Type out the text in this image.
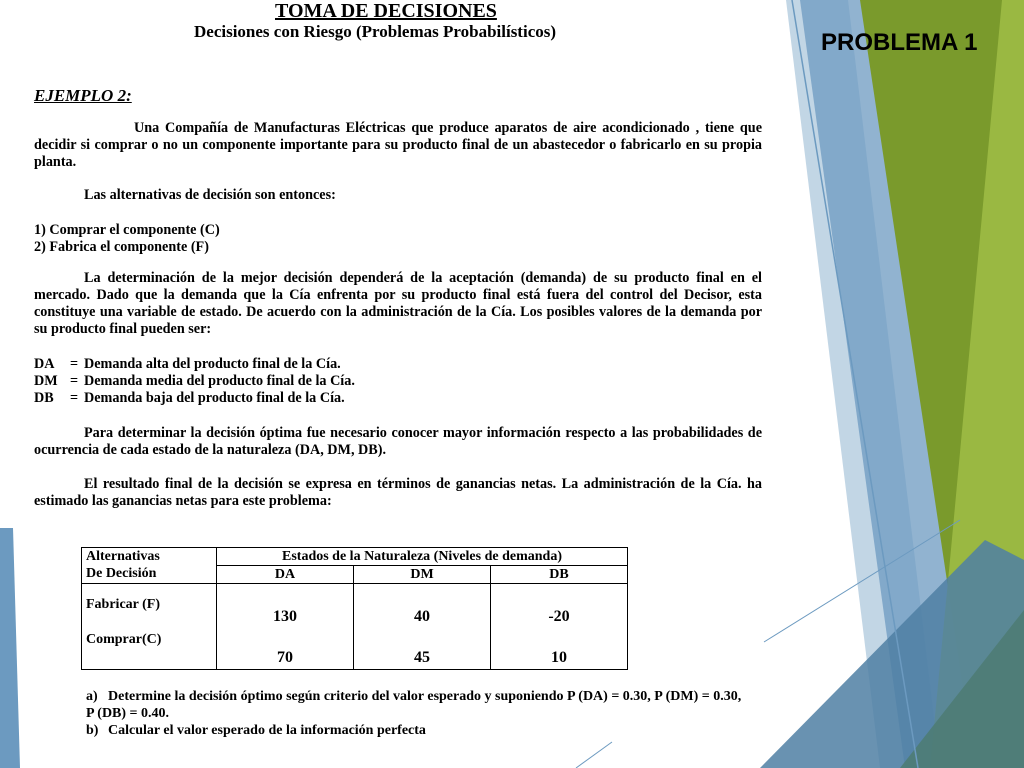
PROBLEMA 1
TOMA DE DECISIONES
Decisiones con Riesgo (Problemas Probabilísticos)
EJEMPLO 2:
Una Compañía de Manufacturas Eléctricas que produce aparatos de aire acondicionado , tiene que decidir si comprar o no un componente importante para su producto final de un abastecedor o fabricarlo en su propia planta.
Las alternativas de decisión son entonces:
1) Comprar el componente (C)
2) Fabrica el componente (F)
La determinación de la mejor decisión dependerá de la aceptación (demanda) de su producto final en el mercado. Dado que la demanda que la Cía enfrenta por su producto final está fuera del control del Decisor, esta constituye una variable de estado. De acuerdo con la administración de la Cía. Los posibles valores de la demanda por su producto final pueden ser:
DA = Demanda alta del producto final de la Cía.
DM = Demanda media del producto final de la Cía.
DB = Demanda baja del producto final de la Cía.
Para determinar la decisión óptima fue necesario conocer mayor información respecto a las probabilidades de ocurrencia de cada estado de la naturaleza (DA, DM, DB).
El resultado final de la decisión se expresa en términos de ganancias netas. La administración de la Cía. ha estimado las ganancias netas para este problema:
Alternativas	Estados de la Naturaleza (Niveles de demanda)		
De Decisión	DA	DM	DB
Fabricar (F)	130	40	-20
Comprar(C)	70	45	10
a) Determine la decisión óptimo según criterio del valor esperado y suponiendo P (DA) = 0.30, P (DM) = 0.30, P (DB) = 0.40.
b) Calcular el valor esperado de la información perfecta
